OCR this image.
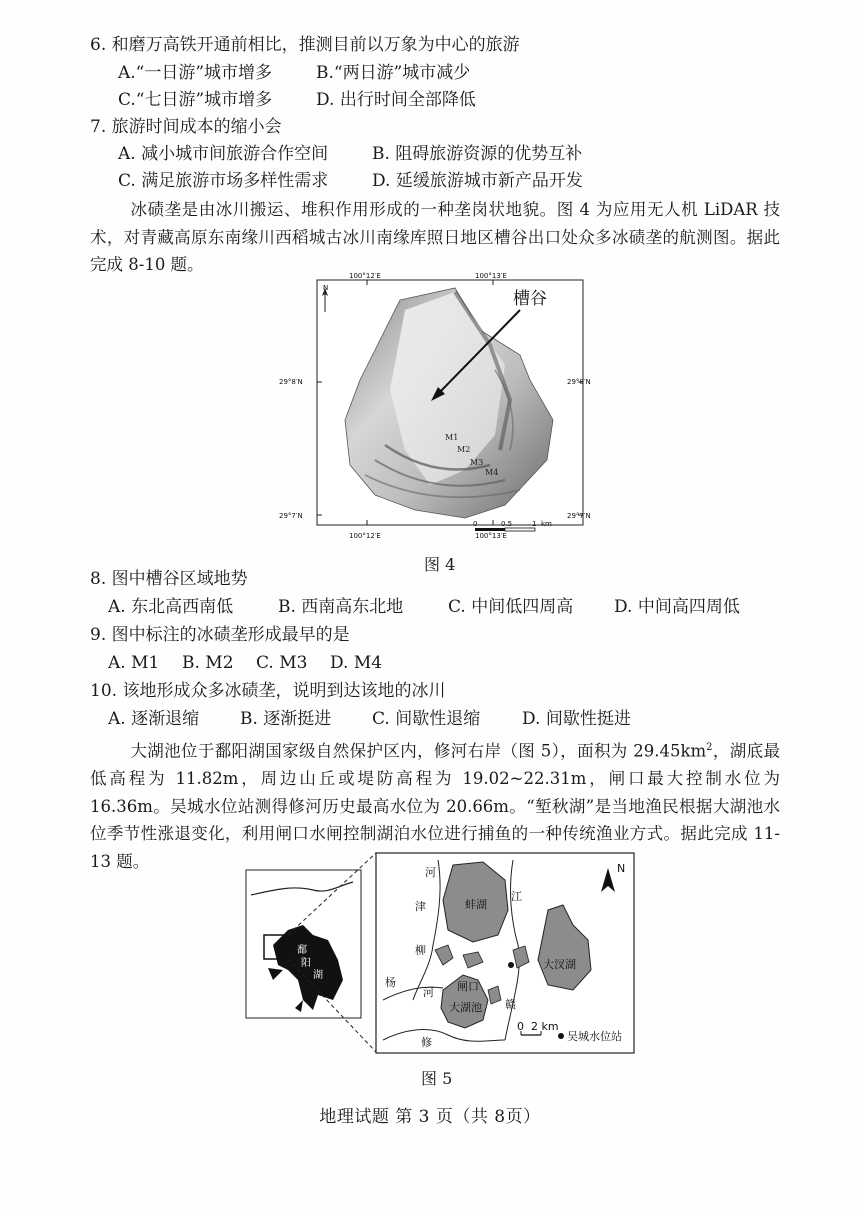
6. 和磨万高铁开通前相比，推测目前以万象为中心的旅游
A.“一日游”城市增多	B.“两日游”城市减少
C.“七日游”城市增多	D. 出行时间全部降低
7. 旅游时间成本的缩小会
A. 减小城市间旅游合作空间	B. 阻碍旅游资源的优势互补
C. 满足旅游市场多样性需求	D. 延缓旅游城市新产品开发
冰碛垄是由冰川搬运、堆积作用形成的一种垄岗状地貌。图 4 为应用无人机 LiDAR 技术，对青藏高原东南缘川西稻城古冰川南缘库照日地区槽谷出口处众多冰碛垄的航测图。据此完成 8-10 题。
100°12′E	100°13′E
100°12′E	100°13′E
29°8′N
29°7′N
29°8′N
29°7′N
N
槽谷
M1
M2
M3
M4
0	0.5	1 km
图 4
8. 图中槽谷区域地势
A. 东北高西南低	B. 西南高东北地	C. 中间低四周高 D. 中间高四周低
9. 图中标注的冰碛垄形成最早的是
A. M1 B. M2 C. M3 D. M4
10. 该地形成众多冰碛垄，说明到达该地的冰川
A. 逐渐退缩 B. 逐渐挺进 C. 间歇性退缩 D. 间歇性挺进
大湖池位于鄱阳湖国家级自然保护区内，修河右岸（图 5），面积为 $29.45km^2$，湖底最低高程为 11.82m，周边山丘或堤防高程为 19.02~22.31m，闸口最大控制水位为 16.36m。吴城水位站测得修河历史最高水位为 20.66m。“堑秋湖”是当地渔民根据大湖池水位季节性涨退变化，利用闸口水闸控制湖泊水位进行捕鱼的一种传统渔业方式。据此完成 11-13 题。
鄱
阳
湖
蚌湖
大汊湖
大湖池
闸口
河
津
柳
杨
河
修
江
赣
N
0 2 km
吴城水位站
图 5
地理试题 第 3 页（共 8页）
